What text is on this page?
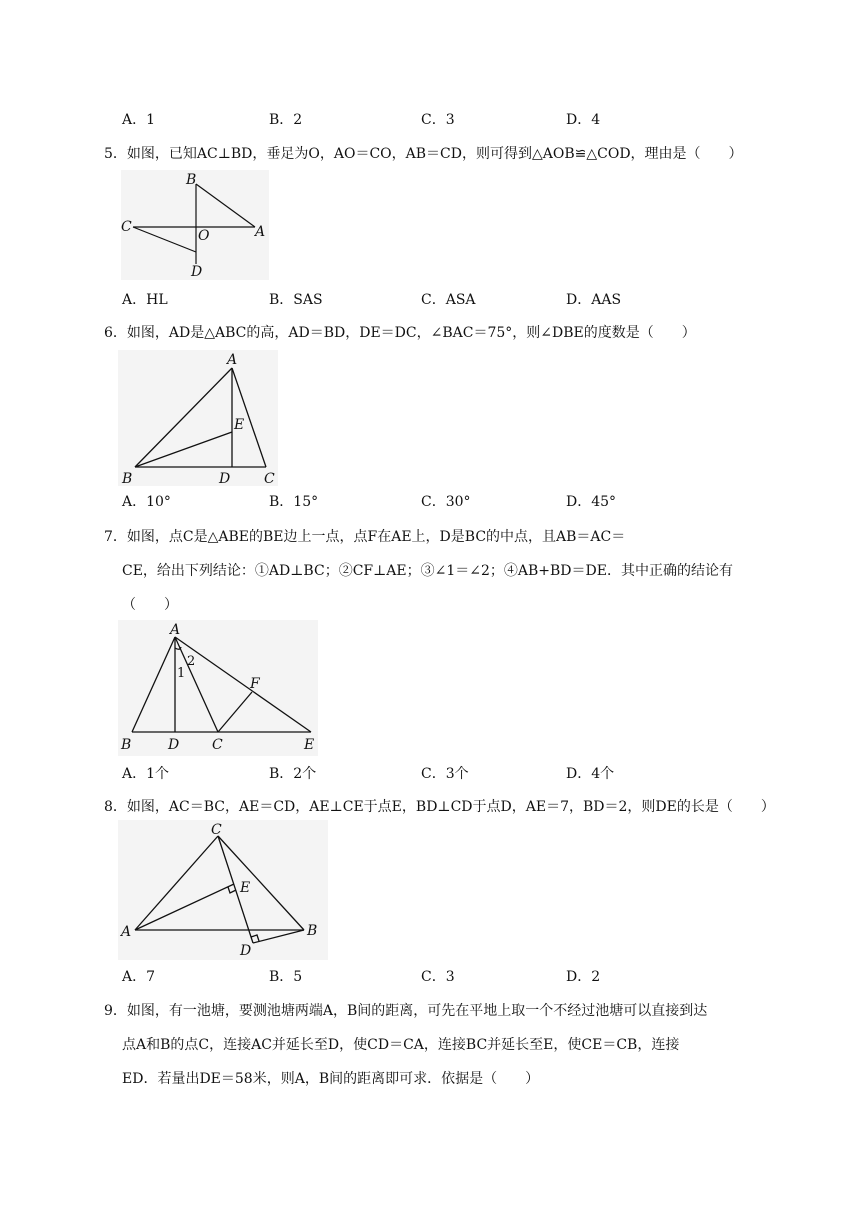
A．1	B．2	C．3	D．4
5．如图，已知AC⊥BD，垂足为O，AO＝CO，AB＝CD，则可得到△AOB≌△COD，理由是（　　）
B
C
O	A
D
A．HL	B．SAS	C．ASA	D．AAS
6．如图，AD是△ABC的高，AD＝BD，DE＝DC，∠BAC＝75°，则∠DBE的度数是（　　）
A
E
B	D C
A．10°	B．15°	C．30°	D．45°
7．如图，点C是△ABE的BE边上一点，点F在AE上，D是BC的中点，且AB＝AC＝
CE，给出下列结论：①AD⊥BC；②CF⊥AE；③∠1＝∠2；④AB+BD＝DE．其中正确的结论有
（　　）
A
1
2
F
B	D C	E
A．1个	B．2个	C．3个	D．4个
8．如图，AC＝BC，AE＝CD，AE⊥CE于点E，BD⊥CD于点D，AE＝7，BD＝2，则DE的长是（　　）
C
E
A	B
D
A．7	B．5	C．3	D．2
9．如图，有一池塘，要测池塘两端A，B间的距离，可先在平地上取一个不经过池塘可以直接到达
点A和B的点C，连接AC并延长至D，使CD＝CA，连接BC并延长至E，使CE＝CB，连接
ED．若量出DE＝58米，则A，B间的距离即可求．依据是（　　）
